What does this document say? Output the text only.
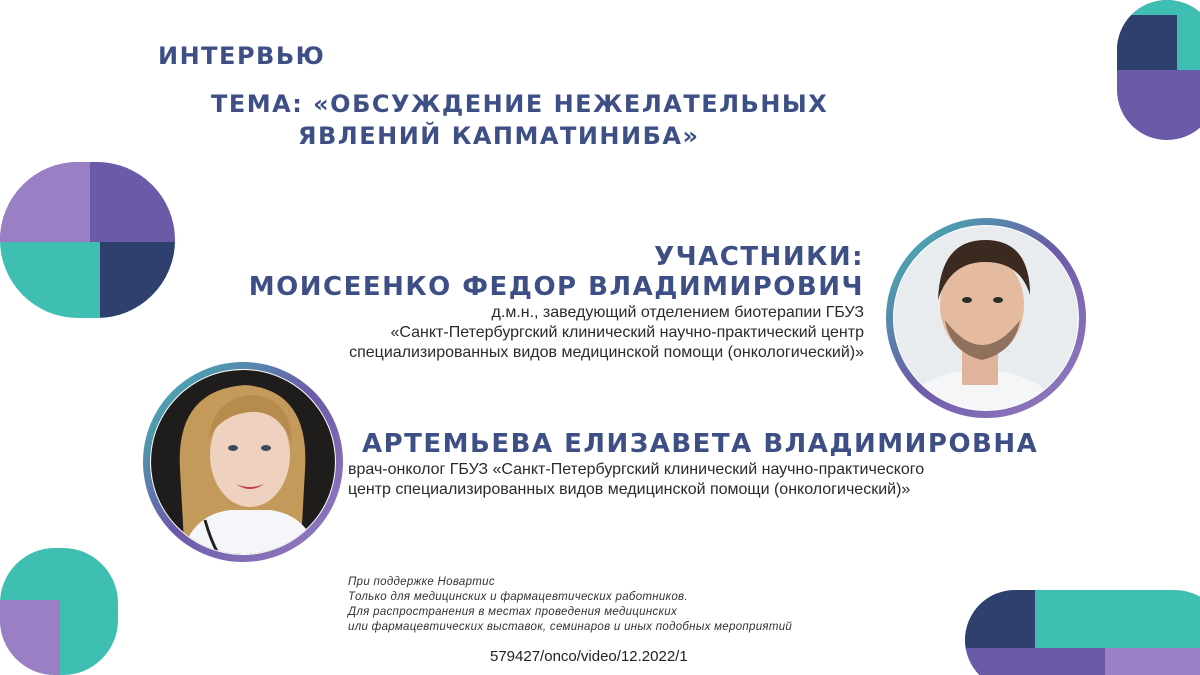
ИНТЕРВЬЮ
ТЕМА: «ОБСУЖДЕНИЕ НЕЖЕЛАТЕЛЬНЫХ
ЯВЛЕНИЙ КАПМАТИНИБА»
УЧАСТНИКИ:
МОИСЕЕНКО ФЕДОР ВЛАДИМИРОВИЧ
д.м.н., заведующий отделением биотерапии ГБУЗ
«Санкт-Петербургский клинический научно-практический центр
специализированных видов медицинской помощи (онкологический)»
АРТЕМЬЕВА ЕЛИЗАВЕТА ВЛАДИМИРОВНА
врач-онколог ГБУЗ «Санкт-Петербургский клинический научно-практического
центр специализированных видов медицинской помощи (онкологический)»
При поддержке Новартис
Только для медицинских и фармацевтических работников.
Для распространения в местах проведения медицинских
или фармацевтических выставок, семинаров и иных подобных мероприятий
579427/onco/video/12.2022/1
